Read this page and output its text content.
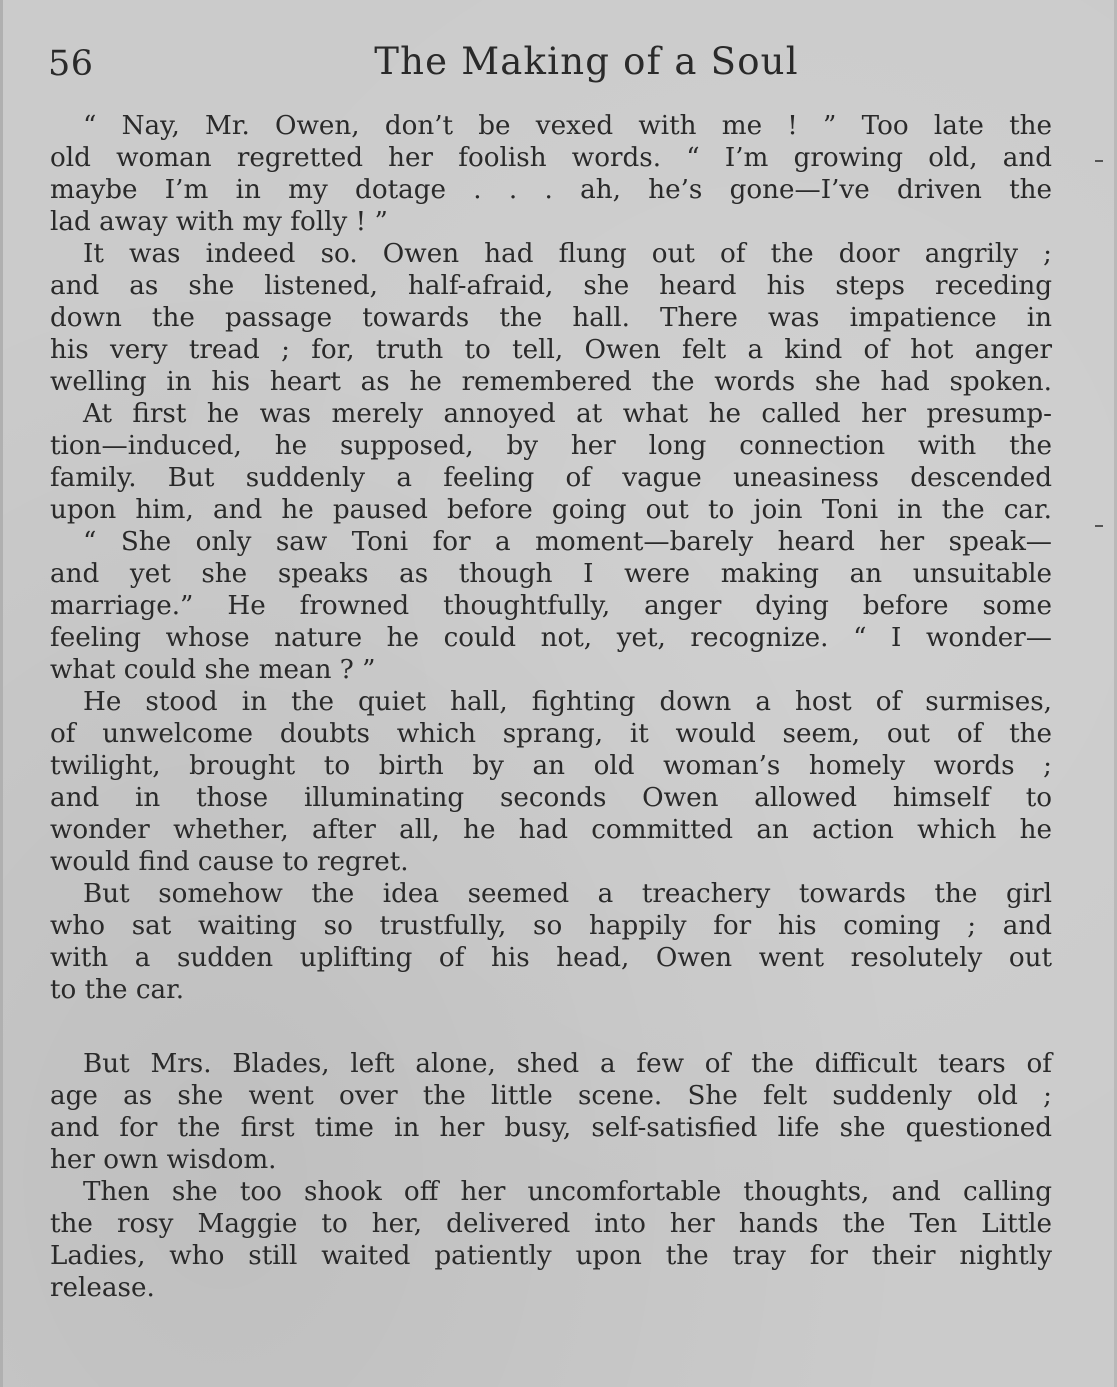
56	The Making of a Soul
“ Nay, Mr. Owen, don’t be vexed with me ! ” Too late the
old woman regretted her foolish words. “ I’m growing old, and
maybe I’m in my dotage . . . ah, he’s gone—I’ve driven the
lad away with my folly ! ”
It was indeed so. Owen had flung out of the door angrily ;
and as she listened, half-afraid, she heard his steps receding
down the passage towards the hall. There was impatience in
his very tread ; for, truth to tell, Owen felt a kind of hot anger
welling in his heart as he remembered the words she had spoken.
At first he was merely annoyed at what he called her presump-
tion—induced, he supposed, by her long connection with the
family. But suddenly a feeling of vague uneasiness descended
upon him, and he paused before going out to join Toni in the car.
“ She only saw Toni for a moment—barely heard her speak—
and yet she speaks as though I were making an unsuitable
marriage.” He frowned thoughtfully, anger dying before some
feeling whose nature he could not, yet, recognize. “ I wonder—
what could she mean ? ”
He stood in the quiet hall, fighting down a host of surmises,
of unwelcome doubts which sprang, it would seem, out of the
twilight, brought to birth by an old woman’s homely words ;
and in those illuminating seconds Owen allowed himself to
wonder whether, after all, he had committed an action which he
would find cause to regret.
But somehow the idea seemed a treachery towards the girl
who sat waiting so trustfully, so happily for his coming ; and
with a sudden uplifting of his head, Owen went resolutely out
to the car.
But Mrs. Blades, left alone, shed a few of the difficult tears of
age as she went over the little scene. She felt suddenly old ;
and for the first time in her busy, self-satisfied life she questioned
her own wisdom.
Then she too shook off her uncomfortable thoughts, and calling
the rosy Maggie to her, delivered into her hands the Ten Little
Ladies, who still waited patiently upon the tray for their nightly
release.
